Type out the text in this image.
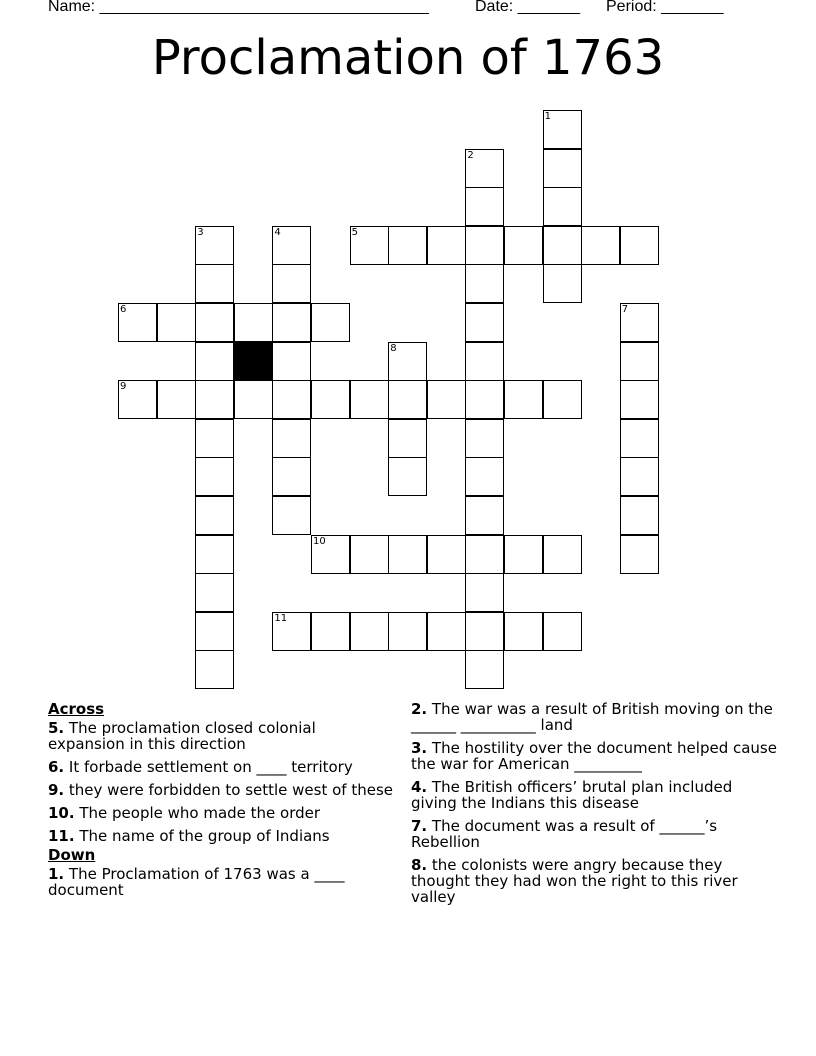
Name: _____________________________________	Date: _______ Period: _______
Proclamation of 1763
1
2
3	4	5
6	7
8
9
10
11
Across
5. The proclamation closed colonial expansion in this direction
6. It forbade settlement on ____ territory
9. they were forbidden to settle west of these
10. The people who made the order
11. The name of the group of Indians
Down
1. The Proclamation of 1763 was a ____ document
2. The war was a result of British moving on the ______ __________ land
3. The hostility over the document helped cause the war for American _________
4. The British officers’ brutal plan included giving the Indians this disease
7. The document was a result of ______’s Rebellion
8. the colonists were angry because they thought they had won the right to this river valley
